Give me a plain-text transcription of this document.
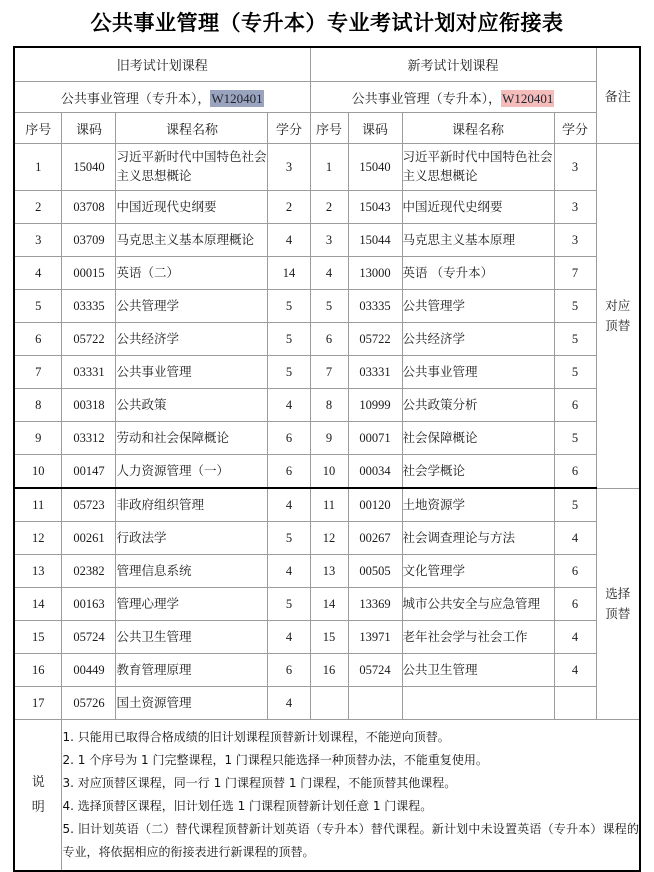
公共事业管理（专升本）专业考试计划对应衔接表
旧考试计划课程				新考试计划课程				备注
公共事业管理（专升本），W120401				公共事业管理（专升本），W120401				
序号	课码	课程名称	学分	序号	课码	课程名称	学分	
1	15040	习近平新时代中国特色社会主义思想概论	3	1	15040	习近平新时代中国特色社会主义思想概论	3	对应
顶替

2	03708	中国近现代史纲要	2	2	15043	中国近现代史纲要	3	
3	03709	马克思主义基本原理概论	4	3	15044	马克思主义基本原理	3	
4	00015	英语（二）	14	4	13000	英语 （专升本）	7	
5	03335	公共管理学	5	5	03335	公共管理学	5	
6	05722	公共经济学	5	6	05722	公共经济学	5	
7	03331	公共事业管理	5	7	03331	公共事业管理	5	
8	00318	公共政策	4	8	10999	公共政策分析	6	
9	03312	劳动和社会保障概论	6	9	00071	社会保障概论	5	
10	00147	人力资源管理（一）	6	10	00034	社会学概论	6	
11	05723	非政府组织管理	4	11	00120	土地资源学	5	选择
顶替

12	00261	行政法学	5	12	00267	社会调查理论与方法	4	
13	02382	管理信息系统	4	13	00505	文化管理学	6	
14	00163	管理心理学	5	14	13369	城市公共安全与应急管理	6	
15	05724	公共卫生管理	4	15	13971	老年社会学与社会工作	4	
16	00449	教育管理原理	6	16	05724	公共卫生管理	4	
17	05726	国土资源管理	4					

说
明

1. 只能用已取得合格成绩的旧计划课程顶替新计划课程，不能逆向顶替。
2. 1 个序号为 1 门完整课程，1 门课程只能选择一种顶替办法，不能重复使用。
3. 对应顶替区课程，同一行 1 门课程顶替 1 门课程，不能顶替其他课程。
4. 选择顶替区课程，旧计划任选 1 门课程顶替新计划任意 1 门课程。
5. 旧计划英语（二）替代课程顶替新计划英语（专升本）替代课程。新计划中未设置英语（专升本）课程的专业，将依据相应的衔接表进行新课程的顶替。
